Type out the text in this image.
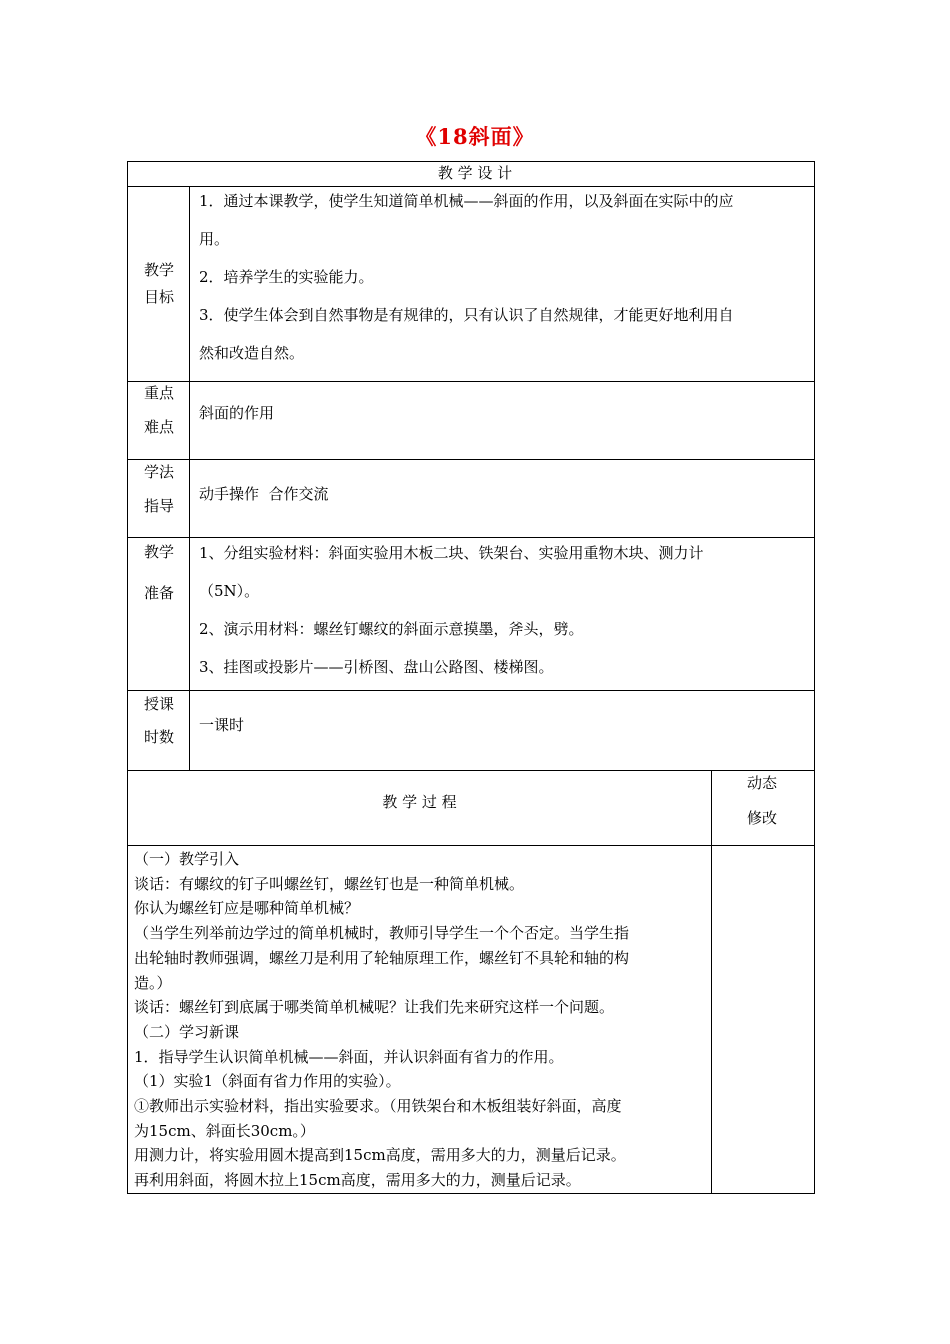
《18斜面》
教 学 设 计
教学
目标
1．通过本课教学，使学生知道简单机械——斜面的作用，以及斜面在实际中的应
用。
2．培养学生的实验能力。
3．使学生体会到自然事物是有规律的，只有认识了自然规律，才能更好地利用自
然和改造自然。
重点
难点
斜面的作用
学法
指导
动手操作  合作交流
教学
准备
1、分组实验材料：斜面实验用木板二块、铁架台、实验用重物木块、测力计
（5N）。
2、演示用材料：螺丝钉螺纹的斜面示意摸墨，斧头，劈。
3、挂图或投影片——引桥图、盘山公路图、楼梯图。
授课
时数
一课时
教 学 过 程
动态
修改
（一）教学引入
谈话：有螺纹的钉子叫螺丝钉，螺丝钉也是一种简单机械。
你认为螺丝钉应是哪种简单机械？
（当学生列举前边学过的简单机械时，教师引导学生一个个否定。当学生指
出轮轴时教师强调，螺丝刀是利用了轮轴原理工作，螺丝钉不具轮和轴的构
造。）
谈话：螺丝钉到底属于哪类简单机械呢？让我们先来研究这样一个问题。
（二）学习新课
1．指导学生认识简单机械——斜面，并认识斜面有省力的作用。
（1）实验1（斜面有省力作用的实验）。
①教师出示实验材料，指出实验要求。（用铁架台和木板组装好斜面，高度
为15cm、斜面长30cm。）
用测力计，将实验用圆木提高到15cm高度，需用多大的力，测量后记录。
再利用斜面，将圆木拉上15cm高度，需用多大的力，测量后记录。
